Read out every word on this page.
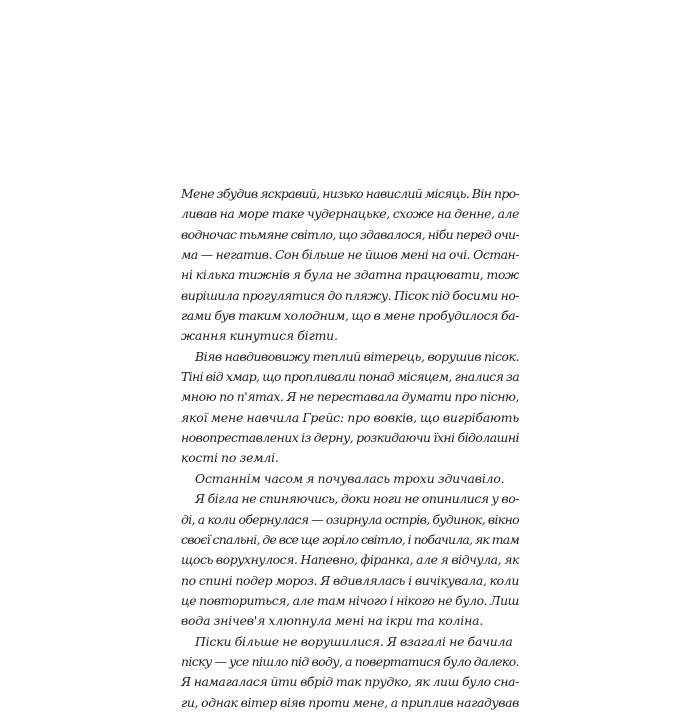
Мене збудив яскравий, низько навислий місяць. Він про-
ливав на море таке чудернацьке, схоже на денне, але
водночас тьмяне світло, що здавалося, ніби перед очи-
ма — негатив. Сон більше не йшов мені на очі. Остан-
ні кілька тижнів я була не здатна працювати, тож
вирішила прогулятися до пляжу. Пісок під босими но-
гами був таким холодним, що в мене пробудилося ба-
жання кинутися бігти.
Віяв навдивовижу теплий вітерець, ворушив пісок.
Тіні від хмар, що пропливали понад місяцем, гналися за
мною по п'ятах. Я не переставала думати про пісню,
якої мене навчила Грейс: про вовків, що вигрібають
новопреставлених із дерну, розкидаючи їхні бідолашні
кості по землі.
Останнім часом я почувалась трохи здичавіло.
Я бігла не спиняючись, доки ноги не опинилися у во-
ді, а коли обернулася — озирнула острів, будинок, вікно
своєї спальні, де все ще горіло світло, і побачила, як там
щось ворухнулося. Напевно, фіранка, але я відчула, як
по спині подер мороз. Я вдивлялась і вичікувала, коли
це повториться, але там нічого і нікого не було. Лиш
вода знічев'я хлюпнула мені на ікри та коліна.
Піски більше не ворушилися. Я взагалі не бачила
піску — усе пішло під воду, а повертатися було далеко.
Я намагалася йти вбрід так прудко, як лиш було сна-
ги, однак вітер віяв проти мене, а приплив нагадував
